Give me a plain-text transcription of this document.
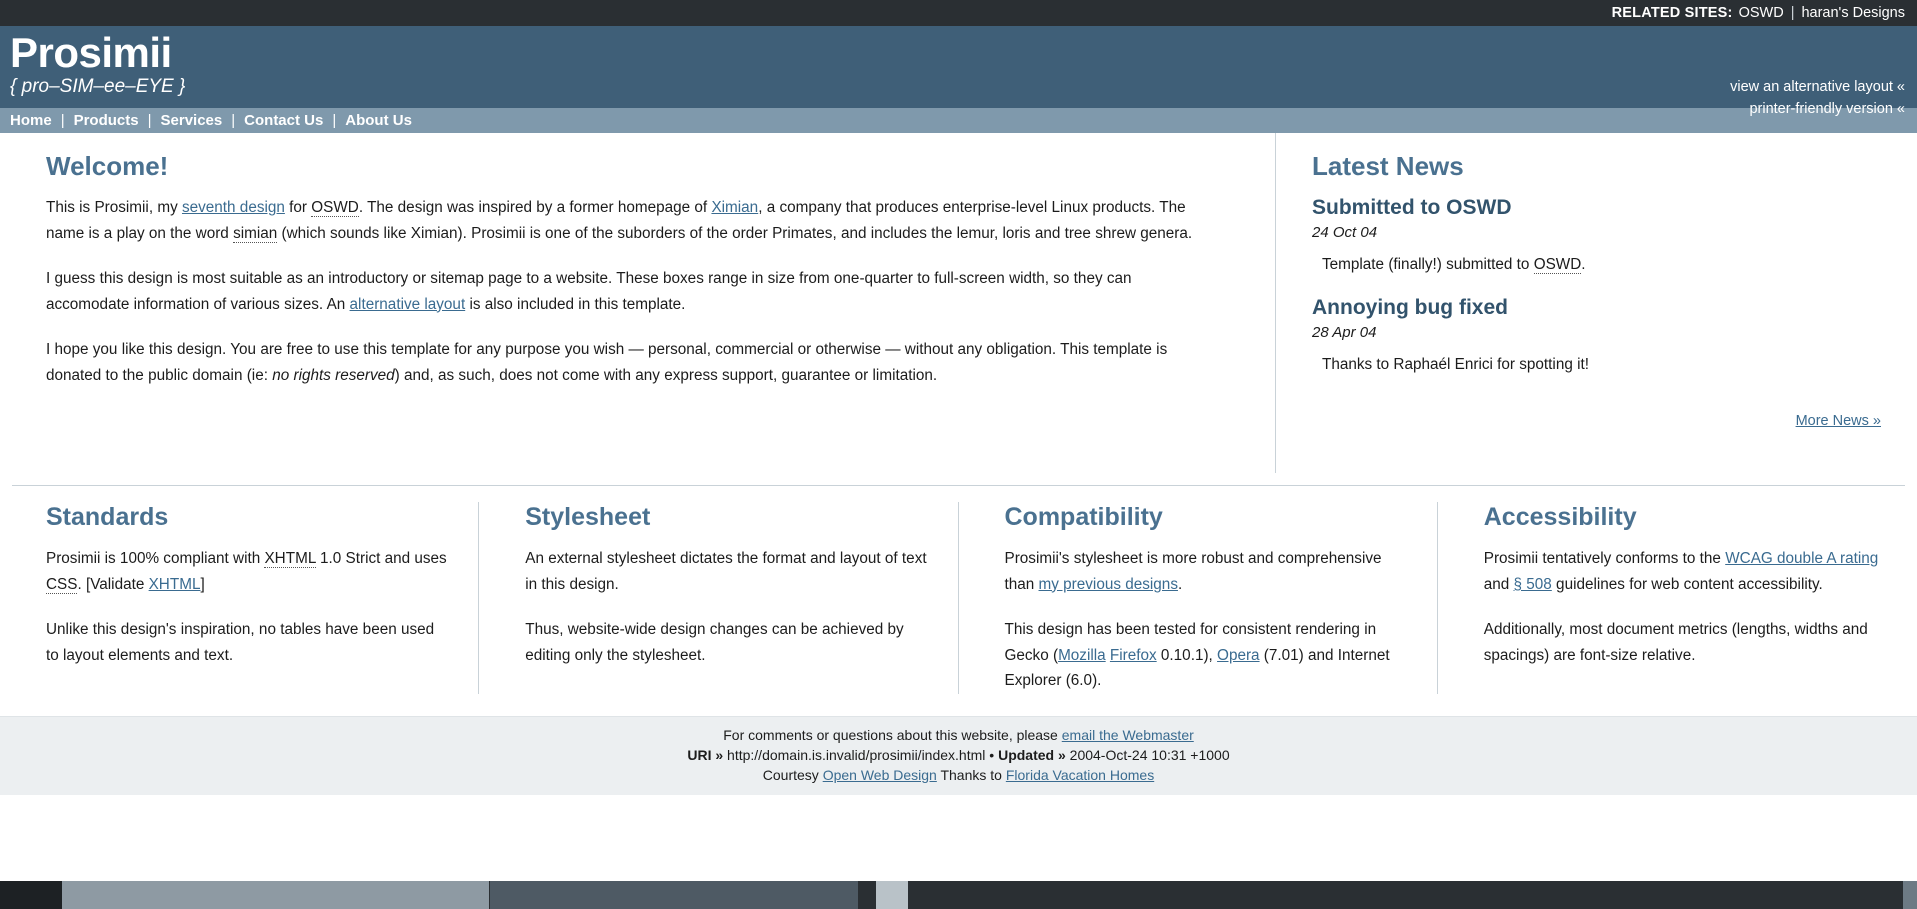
RELATED SITES: OSWD | haran's Designs
Prosimii
{ pro–SIM–ee–EYE }	view an alternative layout «
printer-friendly version «
Home | Products | Services | Contact Us | About Us
Welcome!

This is Prosimii, my seventh design for OSWD. The design was inspired by a former homepage of Ximian, a company that produces enterprise-level Linux products. The name is a play on the word simian (which sounds like Ximian). Prosimii is one of the suborders of the order Primates, and includes the lemur, loris and tree shrew genera.

I guess this design is most suitable as an introductory or sitemap page to a website. These boxes range in size from one-quarter to full-screen width, so they can accomodate information of various sizes. An alternative layout is also included in this template.

I hope you like this design. You are free to use this template for any purpose you wish — personal, commercial or otherwise — without any obligation. This template is donated to the public domain (ie: no rights reserved) and, as such, does not come with any express support, guarantee or limitation.

Latest News
Submitted to OSWD

24 Oct 04

Template (finally!) submitted to OSWD.

Annoying bug fixed

28 Apr 04

Thanks to Raphaél Enrici for spotting it!

More News »
Standards

Prosimii is 100% compliant with XHTML 1.0 Strict and uses CSS. [Validate XHTML]

Unlike this design's inspiration, no tables have been used to layout elements and text.

Stylesheet

An external stylesheet dictates the format and layout of text in this design.

Thus, website-wide design changes can be achieved by editing only the stylesheet.

Compatibility

Prosimii's stylesheet is more robust and comprehensive than my previous designs.

This design has been tested for consistent rendering in Gecko (Mozilla Firefox 0.10.1), Opera (7.01) and Internet Explorer (6.0).

Accessibility

Prosimii tentatively conforms to the WCAG double A rating and § 508 guidelines for web content accessibility.

Additionally, most document metrics (lengths, widths and spacings) are font-size relative.

For comments or questions about this website, please email the Webmaster
URI » http://domain.is.invalid/prosimii/index.html • Updated » 2004-Oct-24 10:31 +1000
Courtesy Open Web Design Thanks to Florida Vacation Homes
